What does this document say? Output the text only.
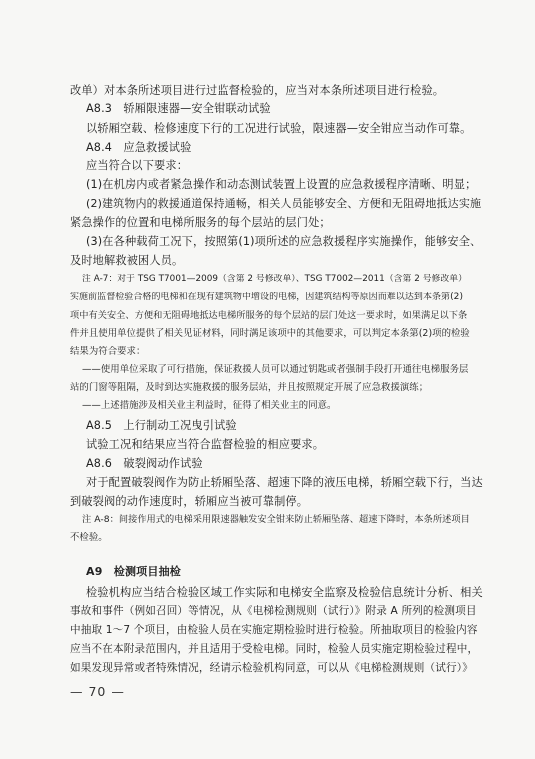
改单）对本条所述项目进行过监督检验的，应当对本条所述项目进行检验。
A8.3　轿厢限速器—安全钳联动试验
以轿厢空载、检修速度下行的工况进行试验，限速器—安全钳应当动作可靠。
A8.4　应急救援试验
应当符合以下要求：
(1)在机房内或者紧急操作和动态测试装置上设置的应急救援程序清晰、明显；
(2)建筑物内的救援通道保持通畅，相关人员能够安全、方便和无阻碍地抵达实施
紧急操作的位置和电梯所服务的每个层站的层门处；
(3)在各种载荷工况下，按照第(1)项所述的应急救援程序实施操作，能够安全、
及时地解救被困人员。
注 A-7：对于 TSG T7001—2009（含第 2 号修改单）、TSG T7002—2011（含第 2 号修改单）
实施前监督检验合格的电梯和在现有建筑物中增设的电梯，因建筑结构等原因而难以达到本条第(2)
项中有关安全、方便和无阻碍地抵达电梯所服务的每个层站的层门处这一要求时，如果满足以下条
件并且使用单位提供了相关见证材料，同时满足该项中的其他要求，可以判定本条第(2)项的检验
结果为符合要求：
——使用单位采取了可行措施，保证救援人员可以通过钥匙或者强制手段打开通往电梯服务层
站的门窗等阻隔，及时到达实施救援的服务层站，并且按照规定开展了应急救援演练；
——上述措施涉及相关业主利益时，征得了相关业主的同意。
A8.5　上行制动工况曳引试验
试验工况和结果应当符合监督检验的相应要求。
A8.6　破裂阀动作试验
对于配置破裂阀作为防止轿厢坠落、超速下降的液压电梯，轿厢空载下行，当达
到破裂阀的动作速度时，轿厢应当被可靠制停。
注 A-8：间接作用式的电梯采用限速器触发安全钳来防止轿厢坠落、超速下降时，本条所述项目
不检验。
A9　检测项目抽检
检验机构应当结合检验区域工作实际和电梯安全监察及检验信息统计分析、相关
事故和事件（例如召回）等情况，从《电梯检测规则（试行）》附录 A 所列的检测项目
中抽取 1～7 个项目，由检验人员在实施定期检验时进行检验。所抽取项目的检验内容
应当不在本附录范围内，并且适用于受检电梯。同时，检验人员实施定期检验过程中，
如果发现异常或者特殊情况，经请示检验机构同意，可以从《电梯检测规则（试行）》
— 70 —
